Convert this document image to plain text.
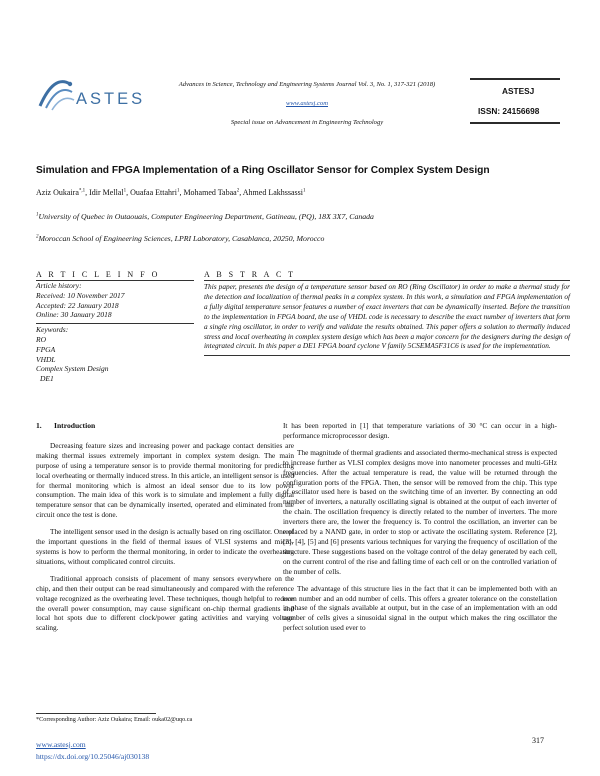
ASTES
Advances in Science, Technology and Engineering Systems Journal Vol. 3, No. 1, 317-321 (2018)
www.astesj.com
Special issue on Advancement in Engineering Technology
ASTESJ
ISSN: 24156698
Simulation and FPGA Implementation of a Ring Oscillator Sensor for Complex System Design
Aziz Oukaira$^{*,1}$, Idir Mellal$^1$, Ouafaa Ettahri$^1$, Mohamed Tabaa$^2$, Ahmed Lakhssassi$^1$
$^1$University of Quebec in Outaouais, Computer Engineering Department, Gatineau, (PQ), 18X 3X7, Canada
$^2$Moroccan School of Engineering Sciences, LPRI Laboratory, Casablanca, 20250, Morocco
A R T I C L E I N F O
Article history:
Received: 10 November 2017
Accepted: 22 January 2018
Online: 30 January 2018
Keywords:
RO
FPGA
VHDL
Complex System Design
DE1
A B S T R A C T

This paper, presents the design of a temperature sensor based on RO (Ring Oscillator) in order to make a thermal study for the detection and localization of thermal peaks in a complex system. In this work, a simulation and FPGA implementation of a fully digital temperature sensor features a number of exact inverters that can be dynamically inserted. Before the transition to the implementation in FPGA board, the use of VHDL code is necessary to describe the exact number of inverters that form a single ring oscillator, in order to verify and validate the results obtained. This paper offers a solution to thermally induced stress and local overheating in complex system design which has been a major concern for the designers during the design of integrated circuit. In this paper a DE1 FPGA board cyclone V family 5CSEMA5F31C6 is used for the implementation.

1. Introduction

Decreasing feature sizes and increasing power and package contact densities are making thermal issues extremely important in complex system design. The main purpose of using a temperature sensor is to provide thermal monitoring for predicting local overheating or thermally induced stress. In this article, an intelligent sensor is used for thermal monitoring which is almost an ideal sensor due to its low power consumption. The main idea of this work is to simulate and implement a fully digital temperature sensor that can be dynamically inserted, operated and eliminated from the circuit once the test is done.

The intelligent sensor used in the design is actually based on ring oscillator. One of the important questions in the field of thermal issues of VLSI systems and micro-systems is how to perform the thermal monitoring, in order to indicate the overheating situations, without complicated control circuits.

Traditional approach consists of placement of many sensors everywhere on the chip, and then their output can be read simultaneously and compared with the reference voltage recognized as the overheating level. These techniques, though helpful to reduce the overall power consumption, may cause significant on-chip thermal gradients and local hot spots due to different clock/power gating activities and varying voltage scaling.

It has been reported in [1] that temperature variations of 30 °C can occur in a high-performance microprocessor design.

The magnitude of thermal gradients and associated thermo-mechanical stress is expected to increase further as VLSI complex designs move into nanometer processes and multi-GHz frequencies. After the actual temperature is read, the value will be returned through the configuration ports of the FPGA. Then, the sensor will be removed from the chip. This type of oscillator used here is based on the switching time of an inverter. By connecting an odd number of inverters, a naturally oscillating signal is obtained at the output of each inverter of the chain. The oscillation frequency is directly related to the number of inverters. The more inverters there are, the lower the frequency is. To control the oscillation, an inverter can be replaced by a NAND gate, in order to stop or activate the oscillating system. Reference [2], [3], [4], [5] and [6] presents various techniques for varying the frequency of oscillation of the structure. These suggestions based on the voltage control of the delay generated by each cell, on the current control of the rise and falling time of each cell or on the controlled variation of the number of cells.

The advantage of this structure lies in the fact that it can be implemented both with an even number and an odd number of cells. This offers a greater tolerance on the constellation in phase of the signals available at output, but in the case of an implementation with an odd number of cells gives a sinusoidal signal in the output which makes the ring oscillator the perfect solution used ever to

*Corresponding Author: Aziz Oukaira; Email: ouka02@uqo.ca
www.astesj.com
https://dx.doi.org/10.25046/aj030138
317
